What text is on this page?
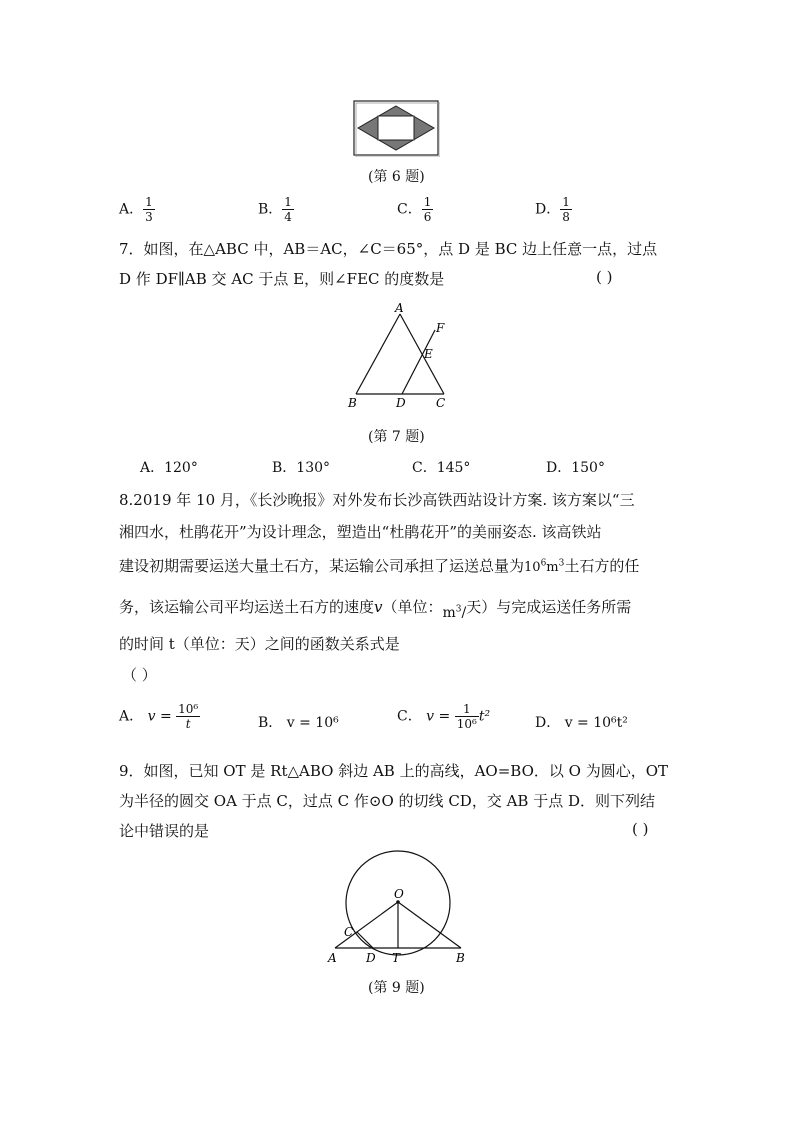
(第 6 题)
A． $\frac{1}{3}$	B． $\frac{1}{4}$	C． $\frac{1}{6}$	D． $\frac{1}{8}$
7．如图，在△ABC 中，AB＝AC，∠C＝65°，点 D 是 BC 边上任意一点，过点
D 作 DF∥AB 交 AC 于点 E，则∠FEC 的度数是	( )
A
B	D	C
E
F
(第 7 题)
A．120°	B．130°	C．145°	D．150°
8.2019 年 10 月，《长沙晚报》对外发布长沙高铁西站设计方案. 该方案以“三
湘四水，杜鹃花开”为设计理念，塑造出“杜鹃花开”的美丽姿态. 该高铁站
建设初期需要运送大量土石方，某运输公司承担了运送总量为$10^6m^3$土石方的任
务，该运输公司平均运送土石方的速度v（单位：$m^3/$天）与完成运送任务所需
的时间 t（单位：天）之间的函数关系式是
（ ）
A． $v = \frac{\text{10⁶}}{t}$	B． v = 10⁶	C． $v = \frac{1}{\text{10⁶}} t^2$	D． v = 10⁶t²
9．如图，已知 OT 是 Rt△ABO 斜边 AB 上的高线，AO=BO．以 O 为圆心，OT
为半径的圆交 OA 于点 C，过点 C 作⊙O 的切线 CD，交 AB 于点 D．则下列结
论中错误的是	( )
O
C
A D T	B
(第 9 题)
